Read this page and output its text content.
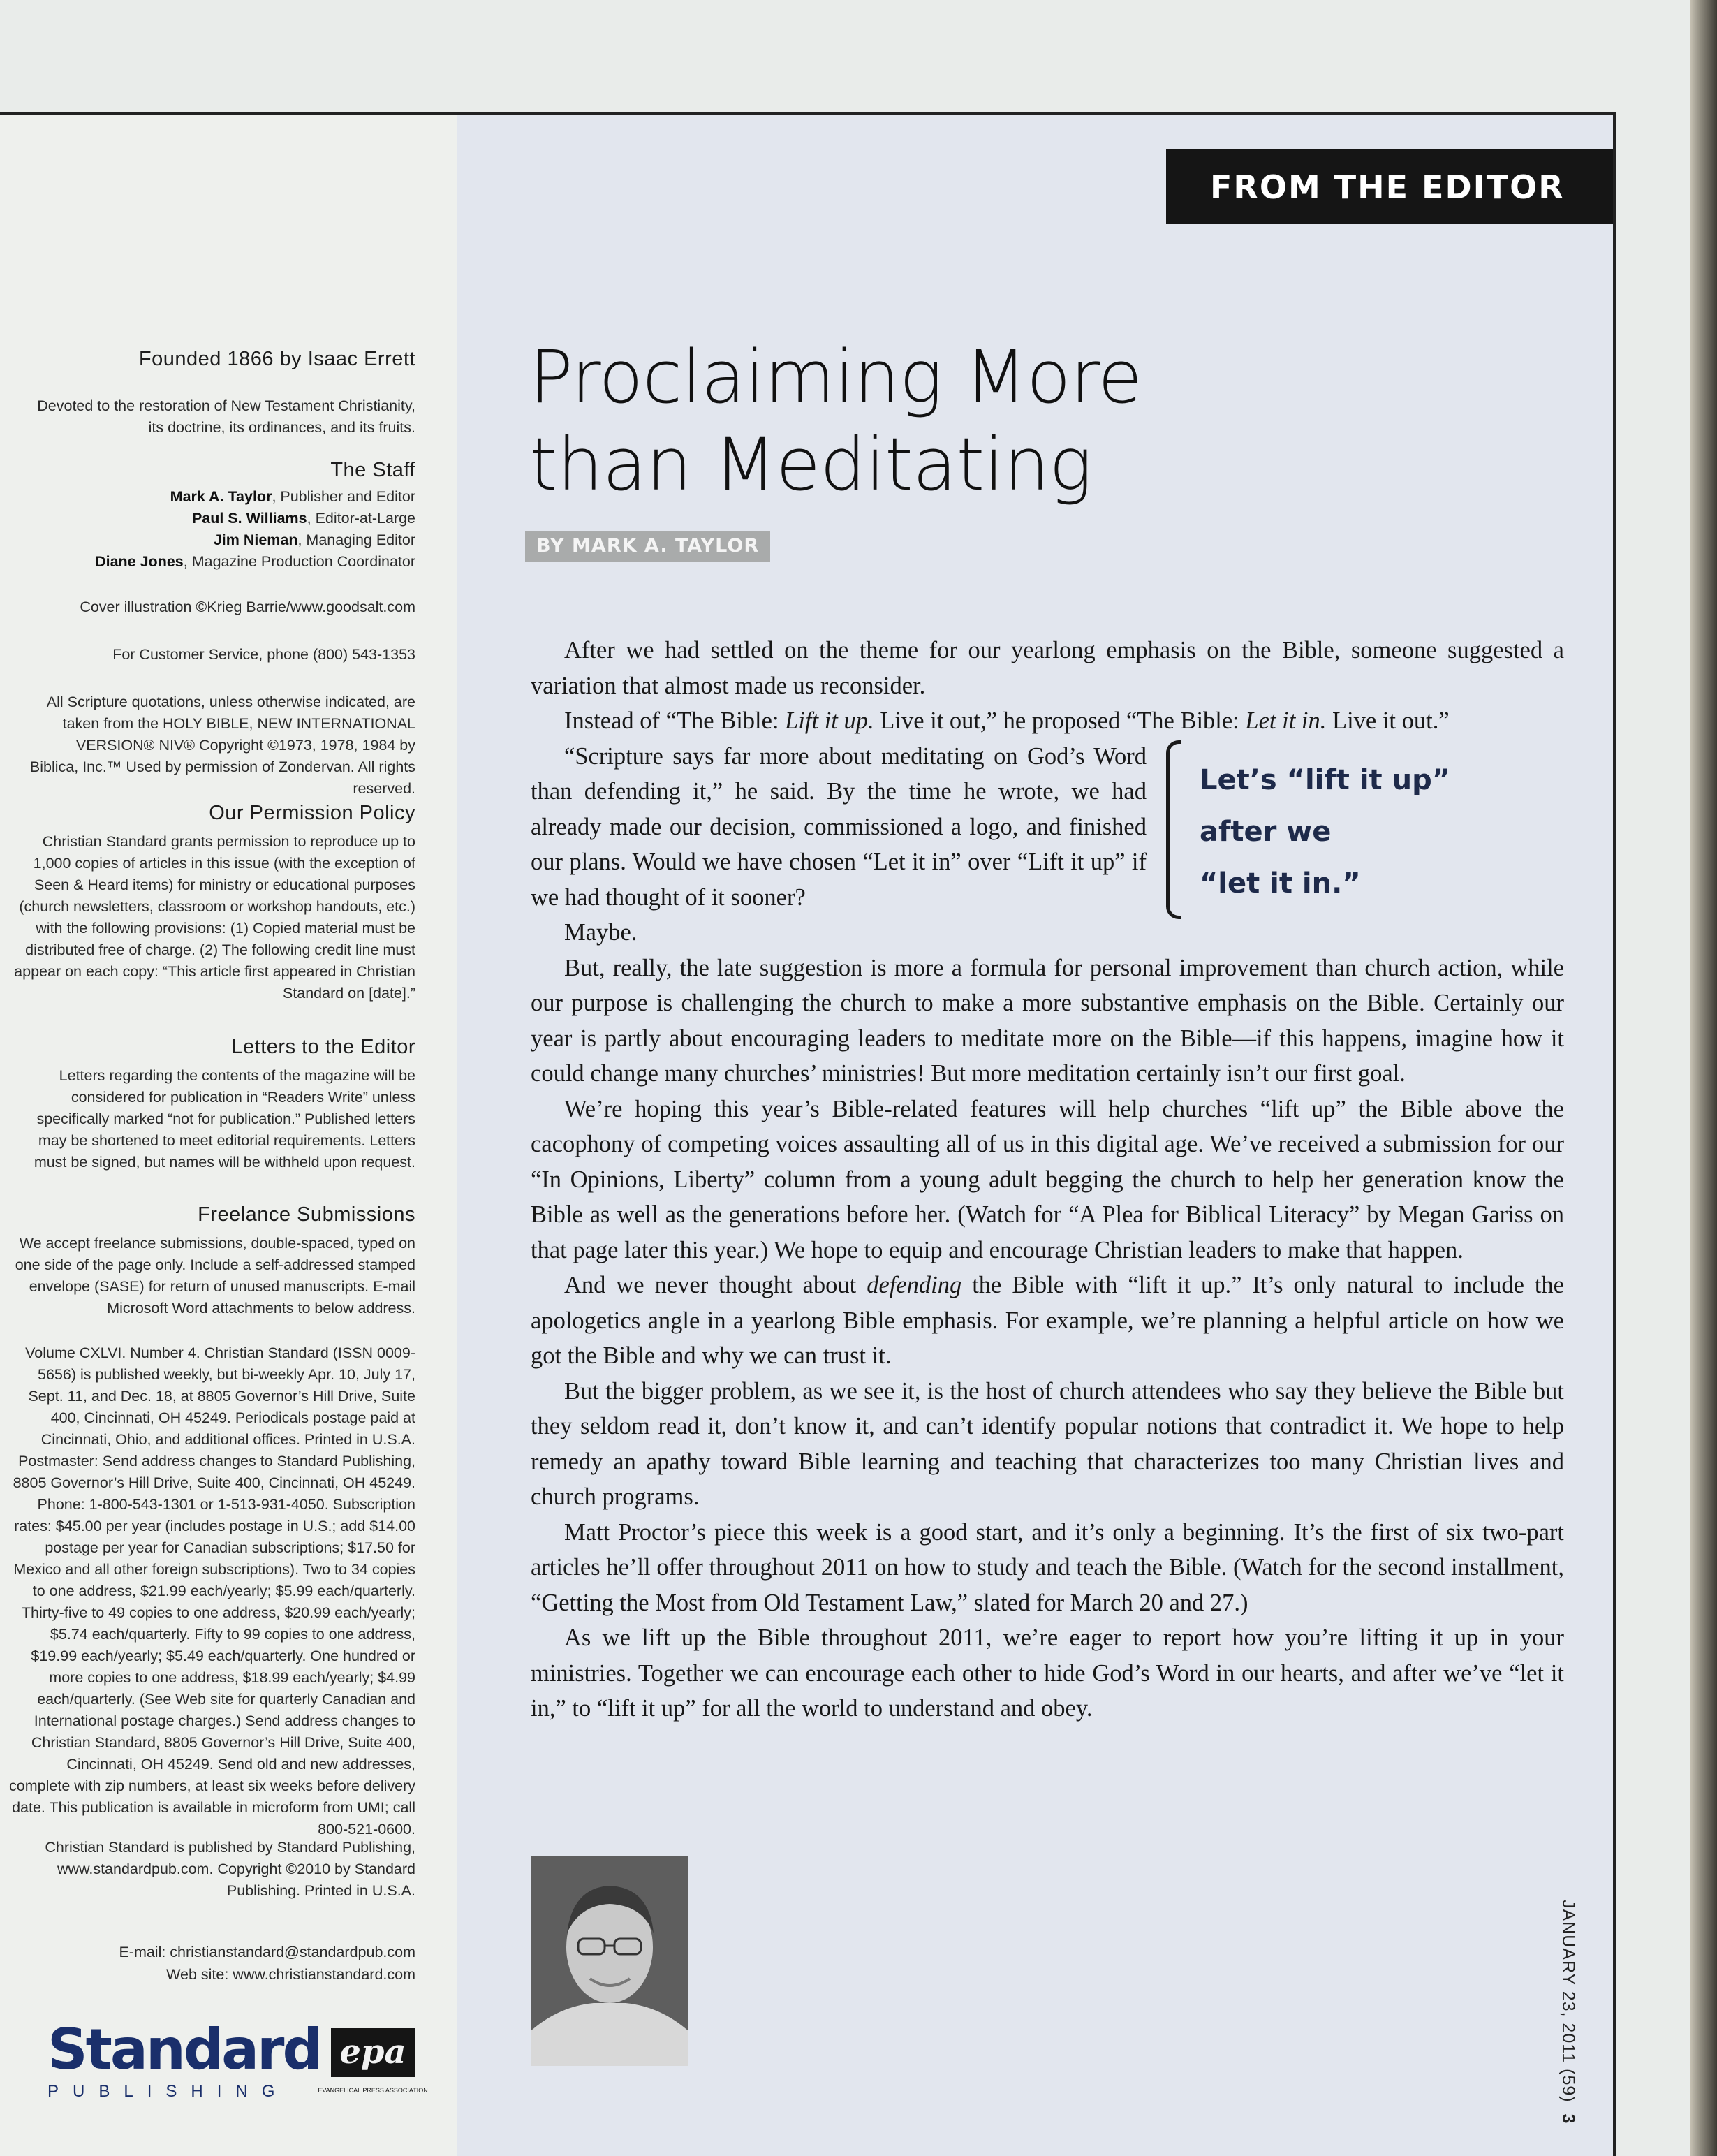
Founded 1866 by Isaac Errett
Devoted to the restoration of New Testament Christianity, its doctrine, its ordinances, and its fruits.
The Staff
Mark A. Taylor, Publisher and Editor
Paul S. Williams, Editor-at-Large
Jim Nieman, Managing Editor
Diane Jones, Magazine Production Coordinator
Cover illustration ©Krieg Barrie/www.goodsalt.com
For Customer Service, phone (800) 543-1353
All Scripture quotations, unless otherwise indicated, are taken from the HOLY BIBLE, NEW INTERNATIONAL VERSION® NIV® Copyright ©1973, 1978, 1984 by Biblica, Inc.™ Used by permission of Zondervan. All rights reserved.
Our Permission Policy
Christian Standard grants permission to reproduce up to 1,000 copies of articles in this issue (with the exception of Seen & Heard items) for ministry or educational purposes (church newsletters, classroom or workshop handouts, etc.) with the following provisions: (1) Copied material must be distributed free of charge. (2) The following credit line must appear on each copy: “This article first appeared in Christian Standard on [date].”
Letters to the Editor
Letters regarding the contents of the magazine will be considered for publication in “Readers Write” unless specifically marked “not for publication.” Published letters may be shortened to meet editorial requirements. Letters must be signed, but names will be withheld upon request.
Freelance Submissions
We accept freelance submissions, double-spaced, typed on one side of the page only. Include a self-addressed stamped envelope (SASE) for return of unused manuscripts. E-mail Microsoft Word attachments to below address.
Volume CXLVI. Number 4. Christian Standard (ISSN 0009-5656) is published weekly, but bi-weekly Apr. 10, July 17, Sept. 11, and Dec. 18, at 8805 Governor’s Hill Drive, Suite 400, Cincinnati, OH 45249. Periodicals postage paid at Cincinnati, Ohio, and additional offices. Printed in U.S.A. Postmaster: Send address changes to Standard Publishing, 8805 Governor’s Hill Drive, Suite 400, Cincinnati, OH 45249. Phone: 1-800-543-1301 or 1-513-931-4050. Subscription rates: $45.00 per year (includes postage in U.S.; add $14.00 postage per year for Canadian subscriptions; $17.50 for Mexico and all other foreign subscriptions). Two to 34 copies to one address, $21.99 each/yearly; $5.99 each/quarterly. Thirty-five to 49 copies to one address, $20.99 each/yearly; $5.74 each/quarterly. Fifty to 99 copies to one address, $19.99 each/yearly; $5.49 each/quarterly. One hundred or more copies to one address, $18.99 each/yearly; $4.99 each/quarterly. (See Web site for quarterly Canadian and International postage charges.) Send address changes to Christian Standard, 8805 Governor’s Hill Drive, Suite 400, Cincinnati, OH 45249. Send old and new addresses, complete with zip numbers, at least six weeks before delivery date. This publication is available in microform from UMI; call 800-521-0600.
Christian Standard is published by Standard Publishing, www.standardpub.com. Copyright ©2010 by Standard Publishing. Printed in U.S.A.
E-mail: christianstandard@standardpub.com
Web site: www.christianstandard.com
Standard
PUBLISHING
epa
EVANGELICAL PRESS ASSOCIATION
FROM THE EDITOR
Proclaiming More
than Meditating
BY MARK A. TAYLOR

After we had settled on the theme for our yearlong emphasis on the Bible, someone suggested a variation that almost made us reconsider.

Instead of “The Bible: Lift it up. Live it out,” he proposed “The Bible: Let it in. Live it out.”

Let’s “lift it up”
after we
“let it in.”

“Scripture says far more about meditating on God’s Word than defending it,” he said. By the time he wrote, we had already made our decision, commissioned a logo, and finished our plans. Would we have chosen “Let it in” over “Lift it up” if we had thought of it sooner?

Maybe.

But, really, the late suggestion is more a formula for personal improvement than church action, while our purpose is challenging the church to make a more substantive emphasis on the Bible. Certainly our year is partly about encouraging leaders to meditate more on the Bible—if this happens, imagine how it could change many churches’ ministries! But more meditation certainly isn’t our first goal.

We’re hoping this year’s Bible-related features will help churches “lift up” the Bible above the cacophony of competing voices assaulting all of us in this digital age. We’ve received a submission for our “In Opinions, Liberty” column from a young adult begging the church to help her generation know the Bible as well as the generations before her. (Watch for “A Plea for Biblical Literacy” by Megan Gariss on that page later this year.) We hope to equip and encourage Christian leaders to make that happen.

And we never thought about defending the Bible with “lift it up.” It’s only natural to include the apologetics angle in a yearlong Bible emphasis. For example, we’re planning a helpful article on how we got the Bible and why we can trust it.

But the bigger problem, as we see it, is the host of church attendees who say they believe the Bible but they seldom read it, don’t know it, and can’t identify popular notions that contradict it. We hope to help remedy an apathy toward Bible learning and teaching that characterizes too many Christian lives and church programs.

Matt Proctor’s piece this week is a good start, and it’s only a beginning. It’s the first of six two-part articles he’ll offer throughout 2011 on how to study and teach the Bible. (Watch for the second installment, “Getting the Most from Old Testament Law,” slated for March 20 and 27.)

As we lift up the Bible throughout 2011, we’re eager to report how you’re lifting it up in your ministries. Together we can encourage each other to hide God’s Word in our hearts, and after we’ve “let it in,” to “lift it up” for all the world to understand and obey.

JANUARY 23, 2011 (59)  3
